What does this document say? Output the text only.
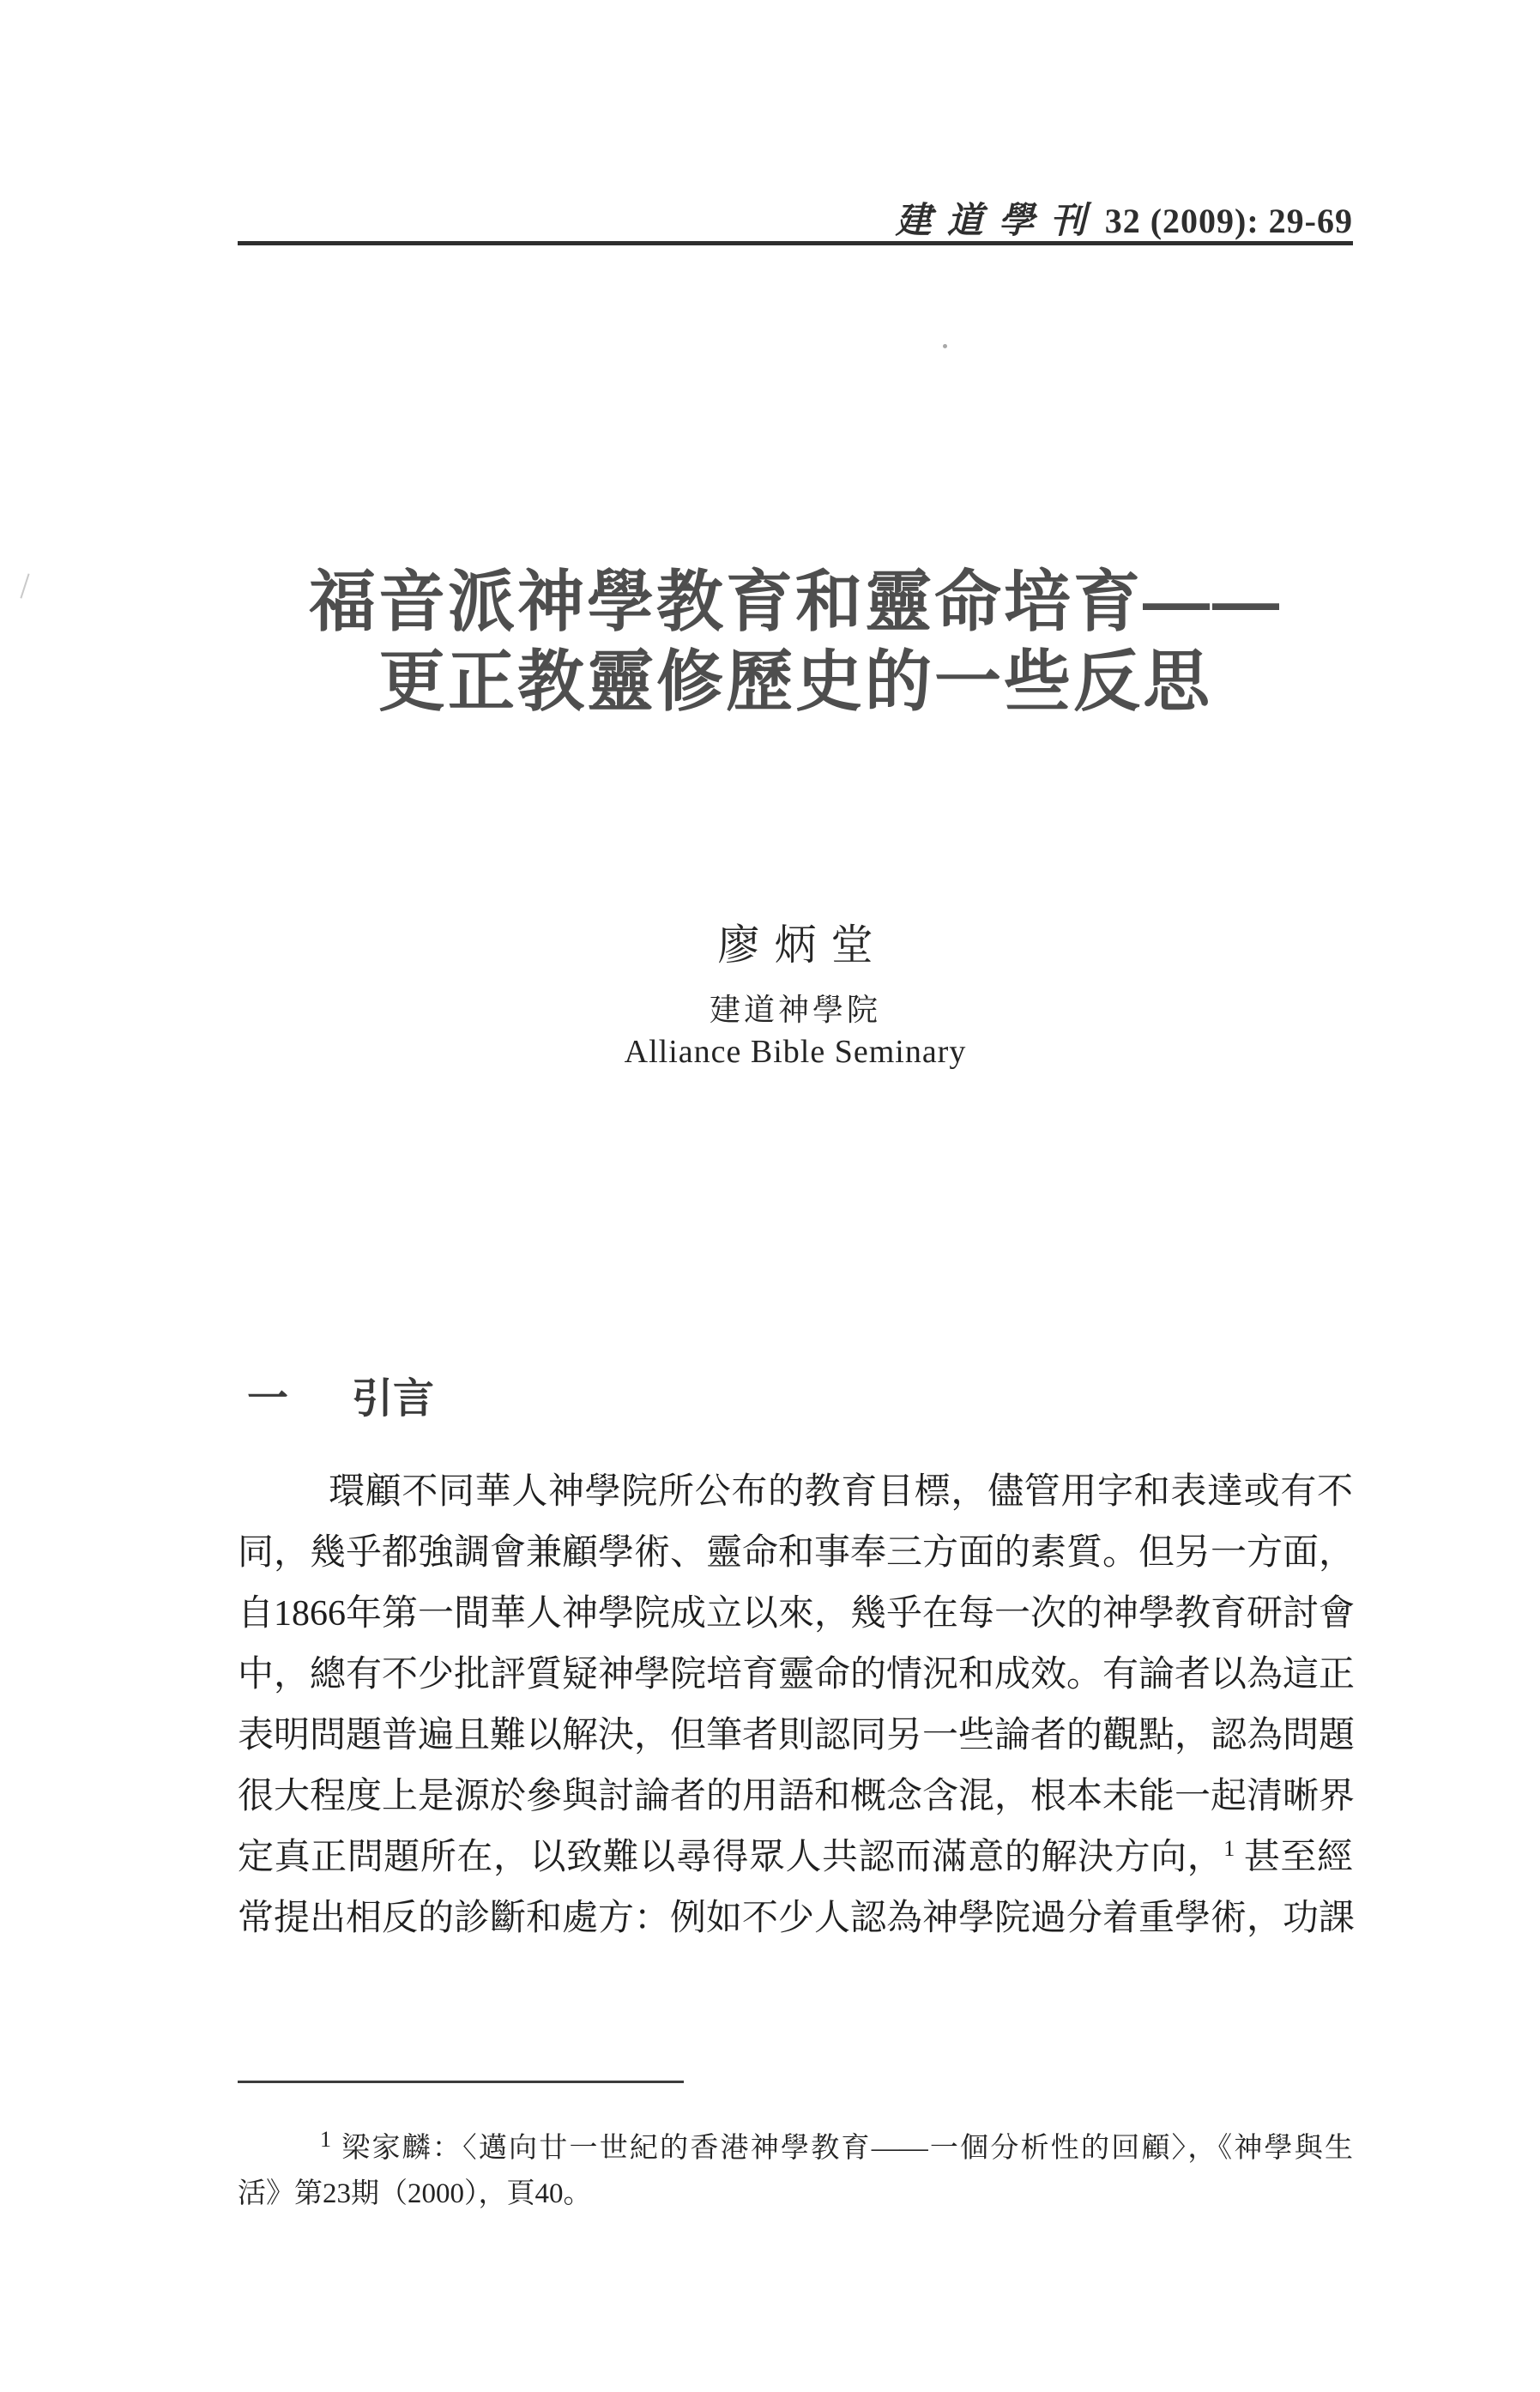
建道學刊 32 (2009): 29-69
福音派神學教育和靈命培育——
更正教靈修歷史的一些反思
廖炳堂
建道神學院
Alliance Bible Seminary
一 引言
環顧不同華人神學院所公布的教育目標，儘管用字和表達或有不
同，幾乎都強調會兼顧學術、靈命和事奉三方面的素質。但另一方面，
自1866年第一間華人神學院成立以來，幾乎在每一次的神學教育研討會
中，總有不少批評質疑神學院培育靈命的情況和成效。有論者以為這正
表明問題普遍且難以解決，但筆者則認同另一些論者的觀點，認為問題
很大程度上是源於參與討論者的用語和概念含混，根本未能一起清晰界
定真正問題所在，以致難以尋得眾人共認而滿意的解決方向，$^1$ 甚至經
常提出相反的診斷和處方：例如不少人認為神學院過分着重學術，功課
$^1$ 梁家麟：〈邁向廿一世紀的香港神學教育——一個分析性的回顧〉，《神學與生
活》第23期（2000），頁40。
